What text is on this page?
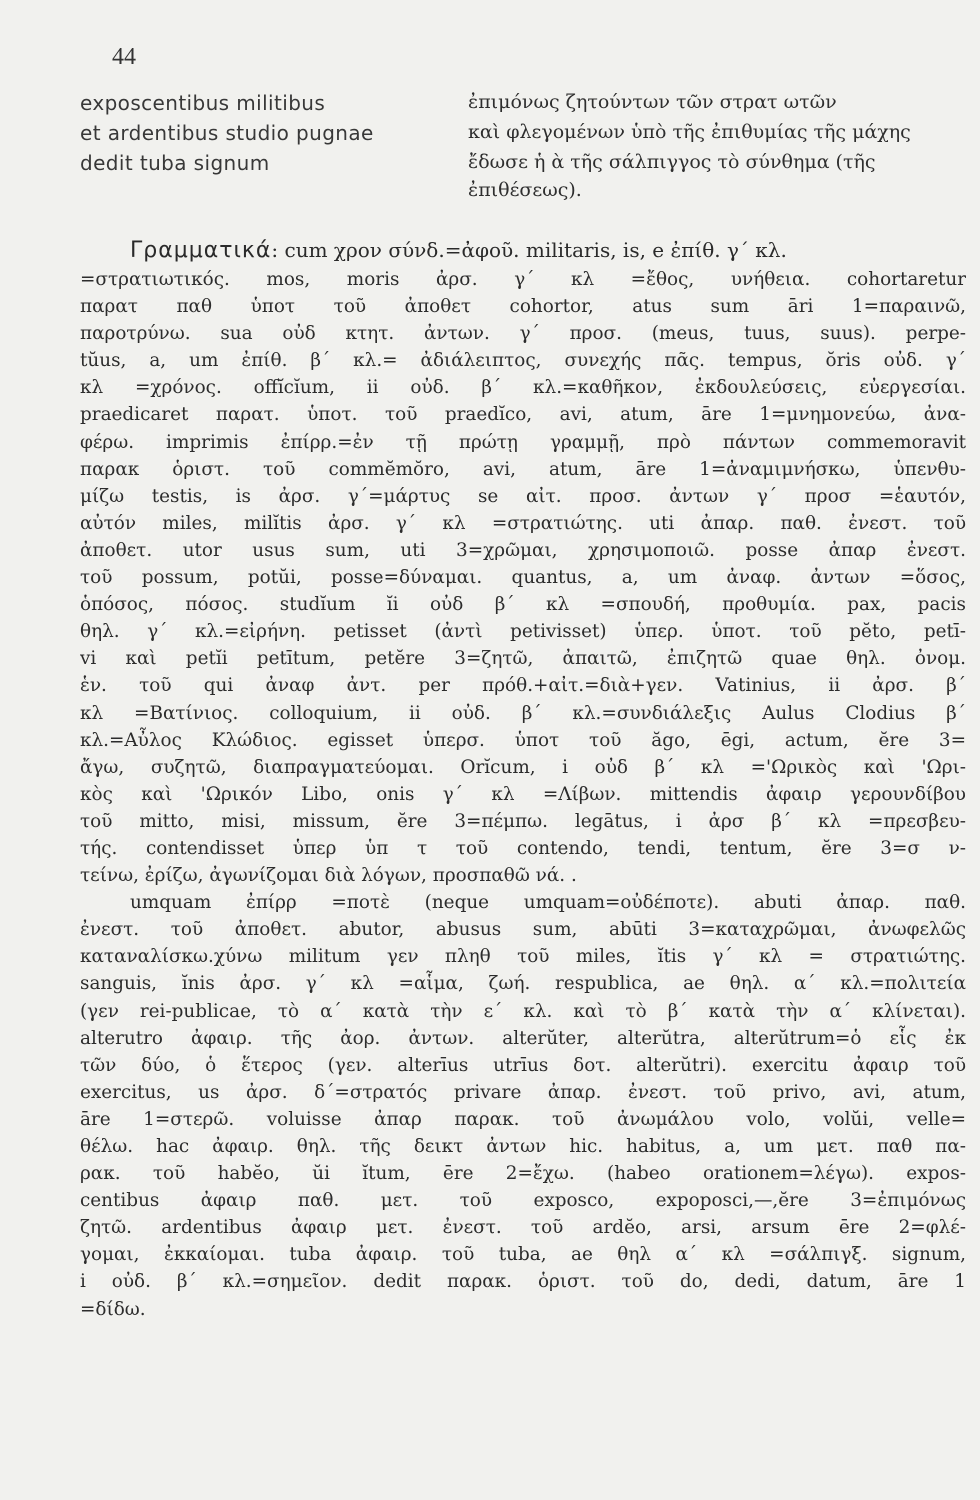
44
exposcentibus militibus	ἐπιμόνως ζητούντων τῶν στρατ ωτῶν
et ardentibus studio pugnae	καὶ φλεγομένων ὑπὸ τῆς ἐπιθυμίας τῆς μάχης
dedit tuba signum	ἔδωσε ἡ ὰ τῆς σάλπιγγος τὸ σύνθημα (τῆς ἐπιθέσεως).
Γραμματικά: cum χρον σύνδ.=ἀφοῦ. militaris, is, e ἐπίθ. γ΄ κλ.
=στρατιωτικός. mos, moris ἀρσ. γ΄ κλ =ἔθος, υνήθεια. cohortaretur
παρατ παθ ὑποτ τοῦ ἀποθετ cohortor, atus sum āri 1=παραινῶ,
παροτρύνω. sua οὐδ κτητ. ἀντων. γ΄ προσ. (meus, tuus, suus). perpe-
tŭus, a, um ἐπίθ. β΄ κλ.= ἀδιάλειπτος, συνεχής πᾶς. tempus, ŏris οὐδ. γ΄
κλ =χρόνος. offĭcĭum, ii οὐδ. β΄ κλ.=καθῆκον, ἐκδουλεύσεις, εὐεργεσίαι.
praedicaret παρατ. ὑποτ. τοῦ praedĭco, avi, atum, āre 1=μνημονεύω, ἀνα-
φέρω. imprimis ἐπίρρ.=ἐν τῇ πρώτῃ γραμμῇ, πρὸ πάντων commemoravit
παρακ ὁριστ. τοῦ commĕmŏro, avi, atum, āre 1=ἀναμιμνήσκω, ὑπενθυ-
μίζω testis, is ἀρσ. γ΄=μάρτυς se αἰτ. προσ. ἀντων γ΄ προσ =ἑαυτόν,
αὐτόν miles, milĭtis ἀρσ. γ΄ κλ =στρατιώτης. uti ἀπαρ. παθ. ἐνεστ. τοῦ
ἀποθετ. utor usus sum, uti 3=χρῶμαι, χρησιμοποιῶ. posse ἀπαρ ἐνεστ.
τοῦ possum, potŭi, posse=δύναμαι. quantus, a, um ἀναφ. ἀντων =ὅσος,
ὁπόσος, πόσος. studĭum ĭi οὐδ β΄ κλ =σπουδή, προθυμία. pax, pacis
θηλ. γ΄ κλ.=εἰρήνη. petisset (ἀντὶ petivisset) ὑπερ. ὑποτ. τοῦ pĕto, petī-
vi καὶ petĭi petītum, petĕre 3=ζητῶ, ἀπαιτῶ, ἐπιζητῶ quae θηλ. ὀνομ.
ἑν. τοῦ qui ἀναφ ἀντ. per πρόθ.+αἰτ.=διὰ+γεν. Vatinius, ii ἀρσ. β΄
κλ =Βατίνιος. colloquium, ii οὐδ. β΄ κλ.=συνδιάλεξις Aulus Clodius β΄
κλ.=Αὖλος Κλώδιος. egisset ὑπερσ. ὑποτ τοῦ ăgo, ēgi, actum, ĕre 3=
ἄγω, συζητῶ, διαπραγματεύομαι. Orĭcum, i οὐδ β΄ κλ ='Ωρικὸς καὶ 'Ωρι-
κὸς καὶ 'Ωρικόν Libo, onis γ΄ κλ =Λίβων. mittendis ἀφαιρ γερουνδίβου
τοῦ mitto, misi, missum, ĕre 3=πέμπω. legātus, i ἀρσ β΄ κλ =πρεσβευ-
τής. contendisset ὑπερ ὑπ τ τοῦ contendo, tendi, tentum, ĕre 3=σ ν-
τείνω, ἐρίζω, ἀγωνίζομαι διὰ λόγων, προσπαθῶ νά. .
umquam ἐπίρρ =ποτὲ (neque umquam=οὐδέποτε). abuti ἀπαρ. παθ.
ἐνεστ. τοῦ ἀποθετ. abutor, abusus sum, abūti 3=καταχρῶμαι, ἀνωφελῶς
καταναλίσκω.χύνω militum γεν πληθ τοῦ miles, ĭtis γ΄ κλ = στρατιώτης.
sanguis, ĭnis ἀρσ. γ΄ κλ =αἷμα, ζωή. respublica, ae θηλ. α΄ κλ.=πολιτεία
(γεν rei-publicae, τὸ α΄ κατὰ τὴν ε΄ κλ. καὶ τὸ β΄ κατὰ τὴν α΄ κλίνεται).
alterutro ἀφαιρ. τῆς ἀορ. ἀντων. alterŭter, alterŭtra, alterŭtrum=ὁ εἷς ἐκ
τῶν δύο, ὁ ἕτερος (γεν. alterīus utrīus δοτ. alterŭtri). exercitu ἀφαιρ τοῦ
exercitus, us ἀρσ. δ΄=στρατός privare ἀπαρ. ἐνεστ. τοῦ privo, avi, atum,
āre 1=στερῶ. voluisse ἀπαρ παρακ. τοῦ ἀνωμάλου volo, volŭi, velle=
θέλω. hac ἀφαιρ. θηλ. τῆς δεικτ ἀντων hic. habitus, a, um μετ. παθ πα-
ρακ. τοῦ habĕo, ŭi ĭtum, ēre 2=ἔχω. (habeo orationem=λέγω). expos-
centibus ἀφαιρ παθ. μετ. τοῦ exposco, expoposci,—,ĕre 3=ἐπιμόνως
ζητῶ. ardentibus ἀφαιρ μετ. ἐνεστ. τοῦ ardĕo, arsi, arsum ēre 2=φλέ-
γομαι, ἐκκαίομαι. tuba ἀφαιρ. τοῦ tuba, ae θηλ α΄ κλ =σάλπιγξ. signum,
i οὐδ. β΄ κλ.=σημεῖον. dedit παρακ. ὁριστ. τοῦ do, dedi, datum, āre 1
=δίδω.
